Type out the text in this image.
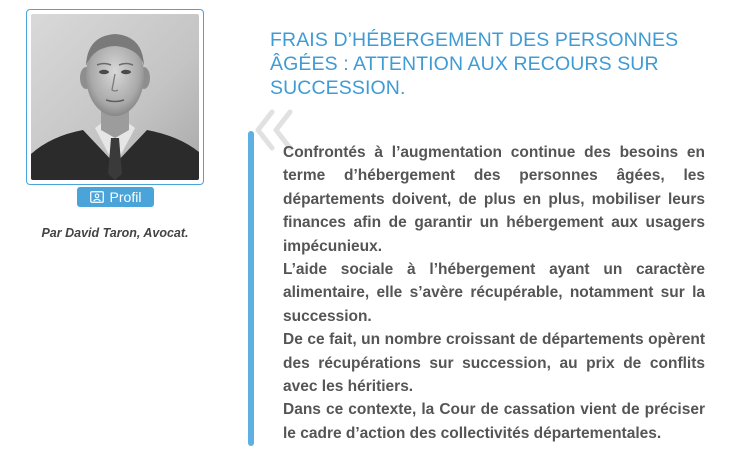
Profil
Par David Taron, Avocat.
FRAIS D’HÉBERGEMENT DES PERSONNES ÂGÉES : ATTENTION AUX RECOURS SUR SUCCESSION.

Confrontés à l’augmentation continue des besoins en terme d’hébergement des personnes âgées, les départements doivent, de plus en plus, mobiliser leurs finances afin de garantir un hébergement aux usagers impécunieux.

L’aide sociale à l’hébergement ayant un caractère alimentaire, elle s’avère récupérable, notamment sur la succession.

De ce fait, un nombre croissant de départements opèrent des récupérations sur succession, au prix de conflits avec les héritiers.

Dans ce contexte, la Cour de cassation vient de préciser le cadre d’action des collectivités départementales.
